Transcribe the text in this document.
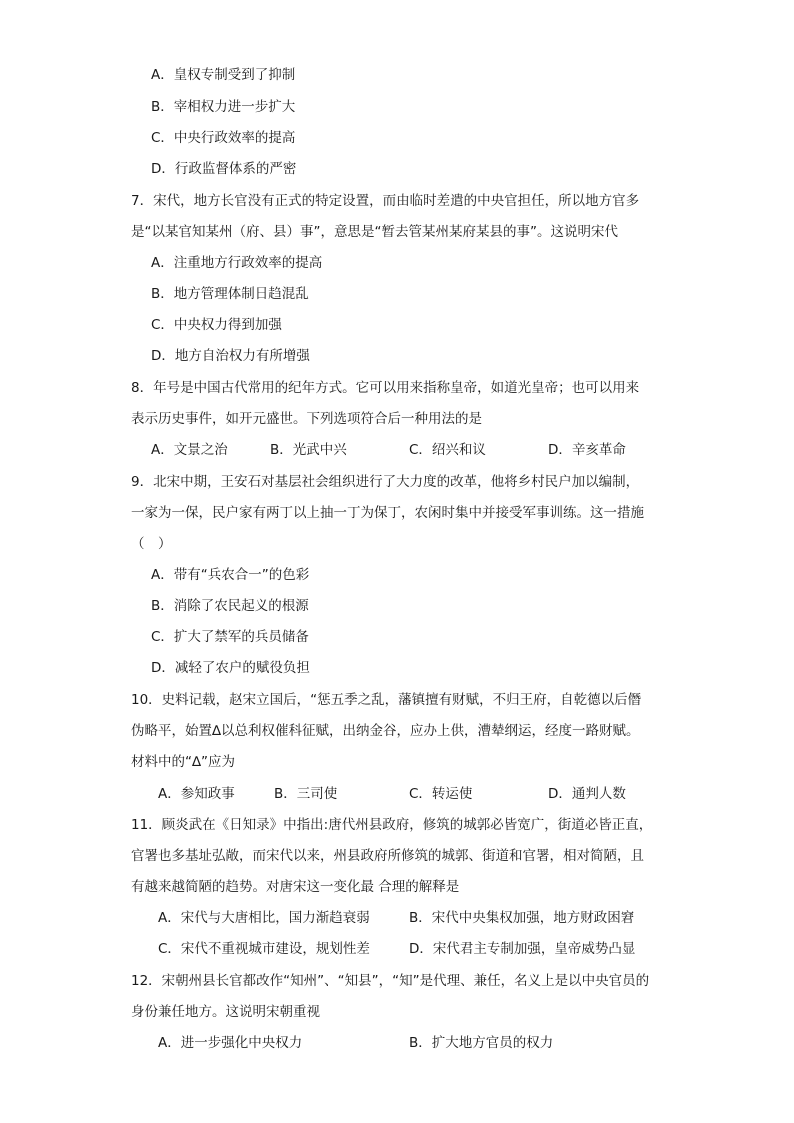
A．皇权专制受到了抑制
B．宰相权力进一步扩大
C．中央行政效率的提高
D．行政监督体系的严密
7．宋代，地方长官没有正式的特定设置，而由临时差遣的中央官担任，所以地方官多
是“以某官知某州（府、县）事”，意思是“暂去管某州某府某县的事”。这说明宋代
A．注重地方行政效率的提高
B．地方管理体制日趋混乱
C．中央权力得到加强
D．地方自治权力有所增强
8．年号是中国古代常用的纪年方式。它可以用来指称皇帝，如道光皇帝；也可以用来
表示历史事件，如开元盛世。下列选项符合后一种用法的是
A．文景之治	B．光武中兴	C．绍兴和议	D．辛亥革命
9．北宋中期，王安石对基层社会组织进行了大力度的改革，他将乡村民户加以编制，
一家为一保，民户家有两丁以上抽一丁为保丁，农闲时集中并接受军事训练。这一措施
（　）
A．带有“兵农合一”的色彩
B．消除了农民起义的根源
C．扩大了禁军的兵员储备
D．减轻了农户的赋役负担
10．史料记载，赵宋立国后，“惩五季之乱，藩镇擅有财赋，不归王府，自乾德以后僭
伪略平，始置∆以总利权催科征赋，出纳金谷，应办上供，漕辇纲运，经度一路财赋。
材料中的“∆”应为
A．参知政事	B．三司使	C．转运使	D．通判人数
11．顾炎武在《日知录》中指出:唐代州县政府，修筑的城郭必皆宽广，街道必皆正直，
官署也多基址弘敞，而宋代以来，州县政府所修筑的城郭、街道和官署，相对简陋，且
有越来越简陋的趋势。对唐宋这一变化最 合理的解释是
A．宋代与大唐相比，国力渐趋衰弱	B．宋代中央集权加强，地方财政困窘
C．宋代不重视城市建设，规划性差	D．宋代君主专制加强，皇帝威势凸显
12．宋朝州县长官都改作“知州”、“知县”，“知”是代理、兼任，名义上是以中央官员的
身份兼任地方。这说明宋朝重视
A．进一步强化中央权力	B．扩大地方官员的权力
